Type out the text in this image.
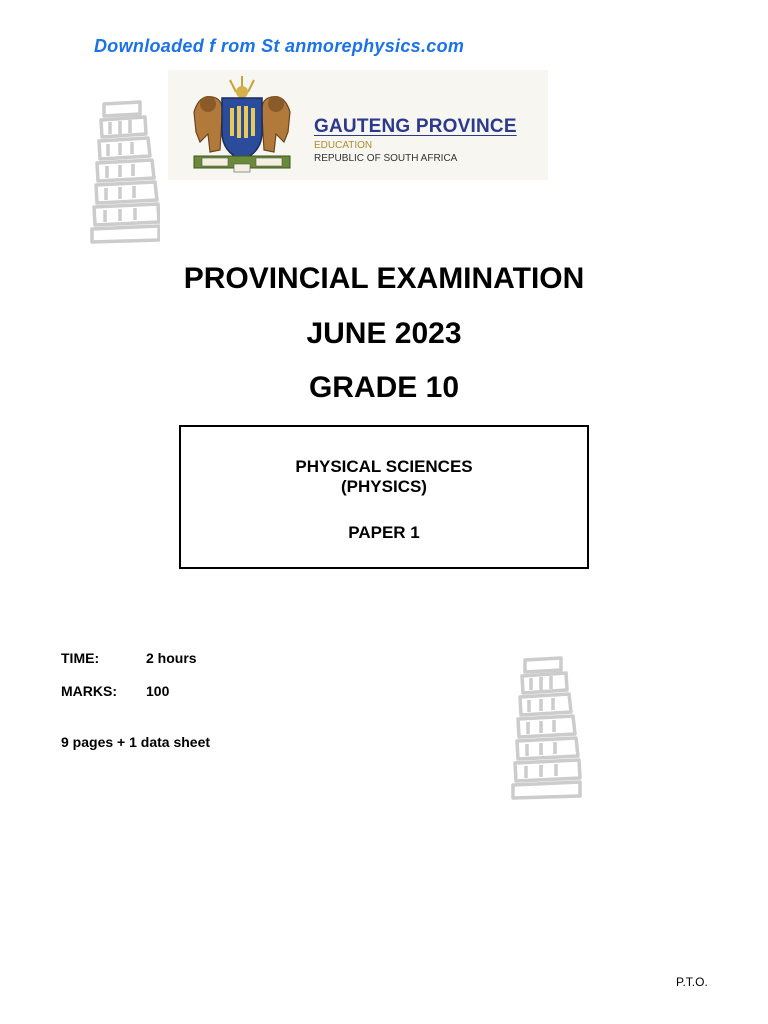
Downloaded f rom St anmorephysics.com
GAUTENG PROVINCE
EDUCATION
REPUBLIC OF SOUTH AFRICA
PROVINCIAL EXAMINATION
JUNE 2023
GRADE 10
PHYSICAL SCIENCES
(PHYSICS)
PAPER 1
TIME:	2 hours
MARKS: 100
9 pages + 1 data sheet
P.T.O.
